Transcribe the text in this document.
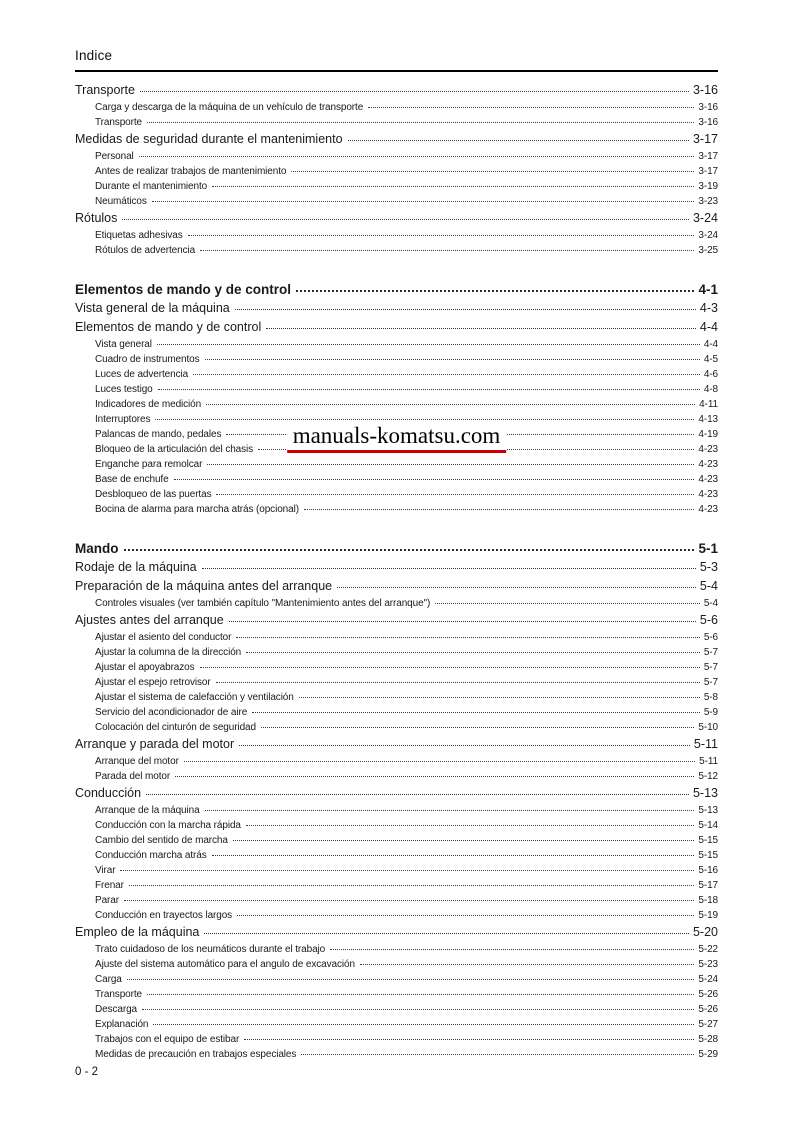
Indice
Transporte	3-16
Carga y descarga de la máquina de un vehículo de transporte	3-16
Transporte	3-16
Medidas de seguridad durante el mantenimiento	3-17
Personal	3-17
Antes de realizar trabajos de mantenimiento	3-17
Durante el mantenimiento	3-19
Neumáticos	3-23
Rótulos	3-24
Etiquetas adhesivas	3-24
Rótulos de advertencia	3-25
Elementos de mando y de control	4-1
Vista general de la máquina	4-3
Elementos de mando y de control	4-4
Vista general	4-4
Cuadro de instrumentos	4-5
Luces de advertencia	4-6
Luces testigo	4-8
Indicadores de medición	4-11
Interruptores	4-13
Palancas de mando, pedales	4-19
Bloqueo de la articulación del chasis	4-23
Enganche para remolcar	4-23
Base de enchufe	4-23
Desbloqueo de las puertas	4-23
Bocina de alarma para marcha atrás (opcional)	4-23
Mando	5-1
Rodaje de la máquina	5-3
Preparación de la máquina antes del arranque	5-4
Controles visuales (ver también capítulo "Mantenimiento antes del arranque")	5-4
Ajustes antes del arranque	5-6
Ajustar el asiento del conductor	5-6
Ajustar la columna de la dirección	5-7
Ajustar el apoyabrazos	5-7
Ajustar el espejo retrovisor	5-7
Ajustar el sistema de calefacción y ventilación	5-8
Servicio del acondicionador de aire	5-9
Colocación del cinturón de seguridad	5-10
Arranque y parada del motor	5-11
Arranque del motor	5-11
Parada del motor	5-12
Conducción	5-13
Arranque de la máquina	5-13
Conducción con la marcha rápida	5-14
Cambio del sentido de marcha	5-15
Conducción marcha atrás	5-15
Virar	5-16
Frenar	5-17
Parar	5-18
Conducción en trayectos largos	5-19
Empleo de la máquina	5-20
Trato cuidadoso de los neumáticos durante el trabajo	5-22
Ajuste del sistema automático para el angulo de excavación	5-23
Carga	5-24
Transporte	5-26
Descarga	5-26
Explanación	5-27
Trabajos con el equipo de estibar	5-28
Medidas de precaución en trabajos especiales	5-29
manuals-komatsu.com
0 - 2
